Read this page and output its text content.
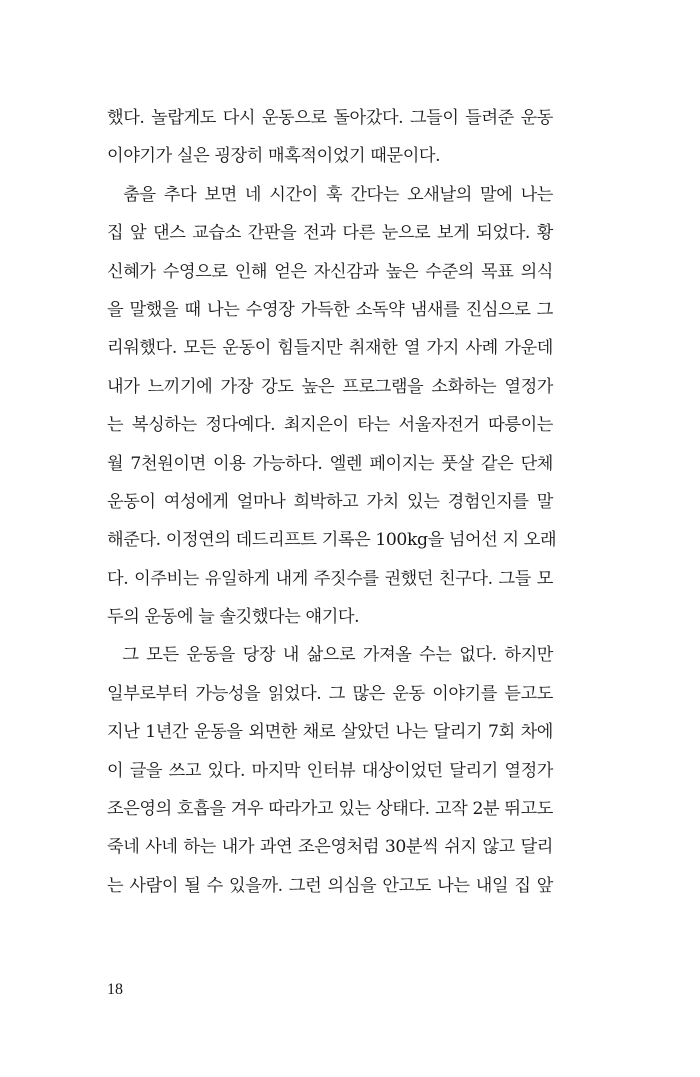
했다. 놀랍게도 다시 운동으로 돌아갔다. 그들이 들려준 운동
이야기가 실은 굉장히 매혹적이었기 때문이다.
춤을 추다 보면 네 시간이 훅 간다는 오새날의 말에 나는
집 앞 댄스 교습소 간판을 전과 다른 눈으로 보게 되었다. 황
신혜가 수영으로 인해 얻은 자신감과 높은 수준의 목표 의식
을 말했을 때 나는 수영장 가득한 소독약 냄새를 진심으로 그
리워했다. 모든 운동이 힘들지만 취재한 열 가지 사례 가운데
내가 느끼기에 가장 강도 높은 프로그램을 소화하는 열정가
는 복싱하는 정다예다. 최지은이 타는 서울자전거 따릉이는
월 7천원이면 이용 가능하다. 엘렌 페이지는 풋살 같은 단체
운동이 여성에게 얼마나 희박하고 가치 있는 경험인지를 말
해준다. 이정연의 데드리프트 기록은 100kg을 넘어선 지 오래
다. 이주비는 유일하게 내게 주짓수를 권했던 친구다. 그들 모
두의 운동에 늘 솔깃했다는 얘기다.
그 모든 운동을 당장 내 삶으로 가져올 수는 없다. 하지만
일부로부터 가능성을 읽었다. 그 많은 운동 이야기를 듣고도
지난 1년간 운동을 외면한 채로 살았던 나는 달리기 7회 차에
이 글을 쓰고 있다. 마지막 인터뷰 대상이었던 달리기 열정가
조은영의 호흡을 겨우 따라가고 있는 상태다. 고작 2분 뛰고도
죽네 사네 하는 내가 과연 조은영처럼 30분씩 쉬지 않고 달리
는 사람이 될 수 있을까. 그런 의심을 안고도 나는 내일 집 앞
18
